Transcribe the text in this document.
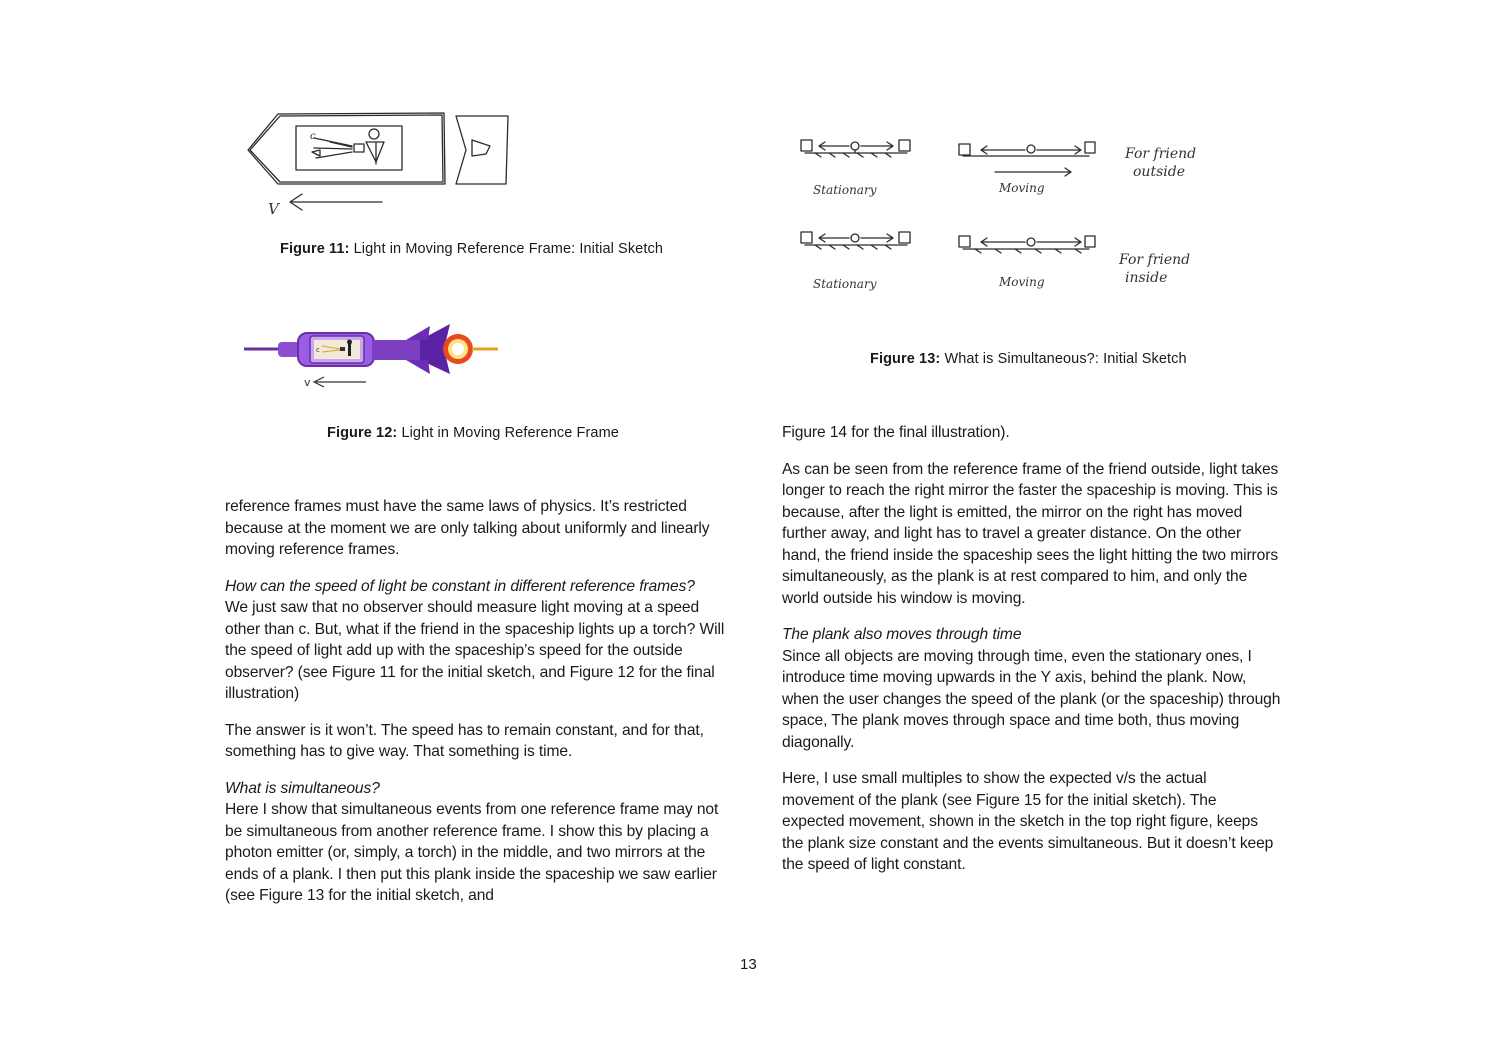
c
V
Figure 11: Light in Moving Reference Frame: Initial Sketch
c
v
Figure 12: Light in Moving Reference Frame
Stationary	Moving
Stationary	Moving
For friend
outside
For friend
inside
Figure 13: What is Simultaneous?: Initial Sketch

reference frames must have the same laws of physics. It’s restricted because at the moment we are only talking about uniformly and linearly moving reference frames.

How can the speed of light be constant in different reference frames?
We just saw that no observer should measure light moving at a speed other than c. But, what if the friend in the spaceship lights up a torch? Will the speed of light add up with the spaceship’s speed for the outside observer? (see Figure 11 for the initial sketch, and Figure 12 for the final illustration)

The answer is it won’t. The speed has to remain constant, and for that, something has to give way. That something is time.

What is simultaneous?
Here I show that simultaneous events from one reference frame may not be simultaneous from another reference frame. I show this by placing a photon emitter (or, simply, a torch) in the middle, and two mirrors at the ends of a plank. I then put this plank inside the spaceship we saw earlier (see Figure 13 for the initial sketch, and

Figure 14 for the final illustration).

As can be seen from the reference frame of the friend outside, light takes longer to reach the right mirror the faster the spaceship is moving. This is because, after the light is emitted, the mirror on the right has moved further away, and light has to travel a greater distance. On the other hand, the friend inside the spaceship sees the light hitting the two mirrors simultaneously, as the plank is at rest compared to him, and only the world outside his window is moving.

The plank also moves through time
Since all objects are moving through time, even the stationary ones, I introduce time moving upwards in the Y axis, behind the plank. Now, when the user changes the speed of the plank (or the spaceship) through space, The plank moves through space and time both, thus moving diagonally.

Here, I use small multiples to show the expected v/s the actual movement of the plank (see Figure 15 for the initial sketch). The expected movement, shown in the sketch in the top right figure, keeps the plank size constant and the events simultaneous. But it doesn’t keep the speed of light constant.

13
